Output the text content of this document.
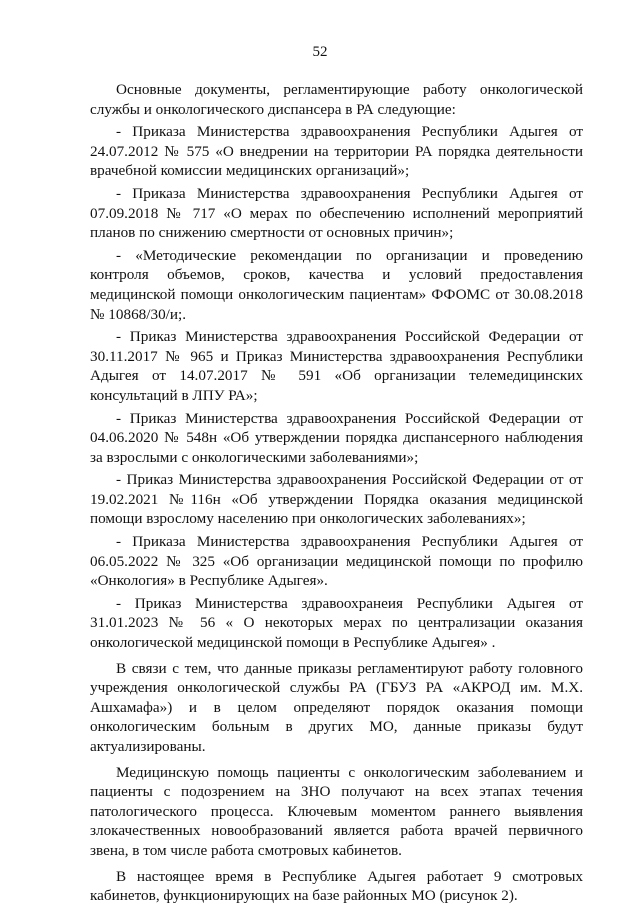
52

Основные документы, регламентирующие работу онкологической службы и онкологического диспансера в РА следующие:

- Приказа Министерства здравоохранения Республики Адыгея от 24.07.2012 № 575 «О внедрении на территории РА порядка деятельности врачебной комиссии медицинских организаций»;

- Приказа Министерства здравоохранения Республики Адыгея от 07.09.2018 № 717 «О мерах по обеспечению исполнений мероприятий планов по снижению смертности от основных причин»;

- «Методические рекомендации по организации и проведению контроля объемов, сроков, качества и условий предоставления медицинской помощи онкологическим пациентам» ФФОМС от 30.08.2018 № 10868/30/и;.

- Приказ Министерства здравоохранения Российской Федерации от 30.11.2017 № 965 и Приказ Министерства здравоохранения Республики Адыгея от 14.07.2017 № 591 «Об организации телемедицинских консультаций в ЛПУ РА»;

- Приказ Министерства здравоохранения Российской Федерации от 04.06.2020 № 548н «Об утверждении порядка диспансерного наблюдения за взрослыми с онкологическими заболеваниями»;

- Приказ Министерства здравоохранения Российской Федерации от от 19.02.2021 №116н «Об утверждении Порядка оказания медицинской помощи взрослому населению при онкологических заболеваниях»;

- Приказа Министерства здравоохранения Республики Адыгея от 06.05.2022 № 325 «Об организации медицинской помощи по профилю «Онкология» в Республике Адыгея».

- Приказ Министерства здравоохранеия Республики Адыгея от 31.01.2023 № 56 « О некоторых мерах по централизации оказания онкологической медицинской помощи в Республике Адыгея» .

В связи с тем, что данные приказы регламентируют работу головного учреждения онкологической службы РА (ГБУЗ РА «АКРОД им. М.Х. Ашхамафа») и в целом определяют порядок оказания помощи онкологическим больным в других МО, данные приказы будут актуализированы.

Медицинскую помощь пациенты с онкологическим заболеванием и пациенты с подозрением на ЗНО получают на всех этапах течения патологического процесса. Ключевым моментом раннего выявления злокачественных новообразований является работа врачей первичного звена, в том числе работа смотровых кабинетов.

В настоящее время в Республике Адыгея работает 9 смотровых кабинетов, функционирующих на базе районных МО (рисунок 2).
